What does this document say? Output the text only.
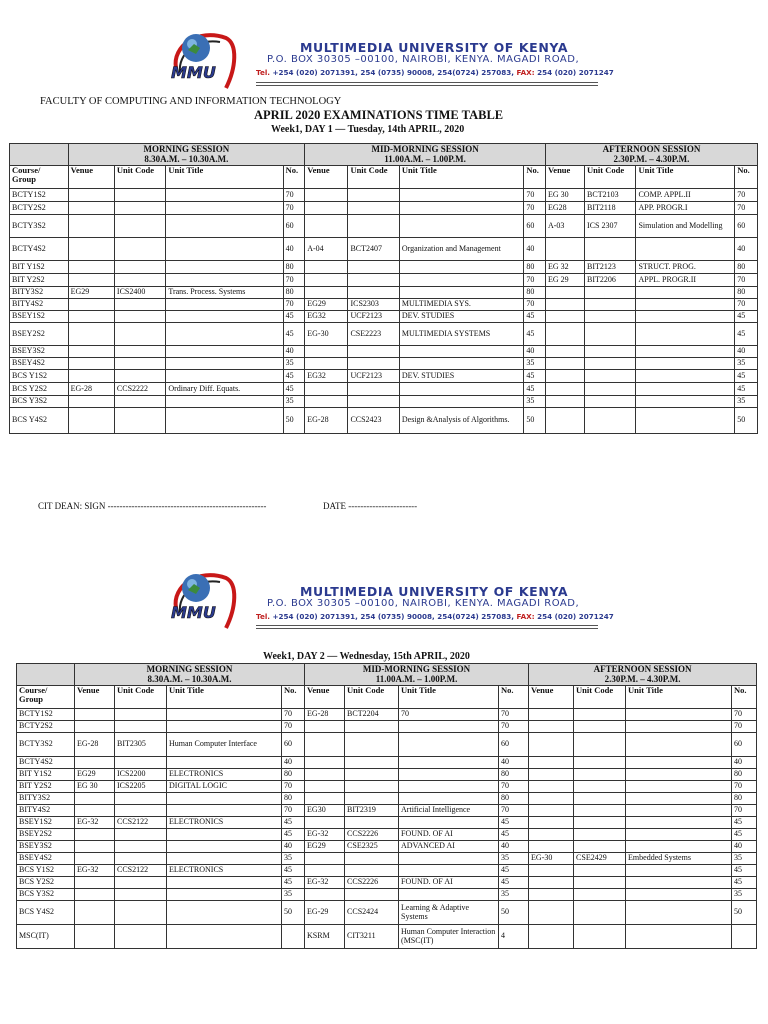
MMU
MULTIMEDIA UNIVERSITY OF KENYA
P.O. BOX 30305 –00100, NAIROBI, KENYA. MAGADI ROAD,
Tel. +254 (020) 2071391, 254 (0735) 90008, 254(0724) 257083, FAX: 254 (020) 2071247
FACULTY OF COMPUTING AND INFORMATION TECHNOLOGY
APRIL 2020 EXAMINATIONS TIME TABLE
Week1, DAY 1 — Tuesday, 14th APRIL, 2020
	MORNING SESSION
8.30A.M. – 10.30A.M.				MID-MORNING SESSION
11.00A.M. – 1.00P.M.				AFTERNOON SESSION
2.30P.M. – 4.30P.M.			
Course/ Group	Venue	Unit Code	Unit Title	No.	Venue	Unit Code	Unit Title	No.	Venue	Unit Code	Unit Title	No.
BCTY1S2				70				70	EG 30	BCT2103	COMP. APPL.II	70
BCTY2S2				70				70	EG28	BIT2118	APP. PROGR.I	70
BCTY3S2				60				60	A-03	ICS 2307	Simulation and Modelling	60
BCTY4S2				40	A-04	BCT2407	Organization and Management	40				40
BIT Y1S2				80				80	EG 32	BIT2123	STRUCT. PROG.	80
BIT Y2S2				70				70	EG 29	BIT2206	APPL. PROGR.II	70
BITY3S2	EG29	ICS2400	Trans. Process. Systems	80				80				80
BITY4S2				70	EG29	ICS2303	MULTIMEDIA SYS.	70				70
BSEY1S2				45	EG32	UCF2123	DEV. STUDIES	45				45
BSEY2S2				45	EG-30	CSE2223	MULTIMEDIA SYSTEMS	45				45
BSEY3S2				40				40				40
BSEY4S2				35				35				35
BCS Y1S2				45	EG32	UCF2123	DEV. STUDIES	45				45
BCS Y2S2	EG-28	CCS2222	Ordinary Diff. Equats.	45				45				45
BCS Y3S2				35				35				35
BCS Y4S2				50	EG-28	CCS2423	Design &Analysis of Algorithms.	50				50
CIT DEAN: SIGN -----------------------------------------------------	DATE -----------------------
MMU
MULTIMEDIA UNIVERSITY OF KENYA
P.O. BOX 30305 –00100, NAIROBI, KENYA. MAGADI ROAD,
Tel. +254 (020) 2071391, 254 (0735) 90008, 254(0724) 257083, FAX: 254 (020) 2071247
Week1, DAY 2 — Wednesday, 15th APRIL, 2020
	MORNING SESSION
8.30A.M. – 10.30A.M.				MID-MORNING SESSION
11.00A.M. – 1.00P.M.				AFTERNOON SESSION
2.30P.M. – 4.30P.M.			
Course/ Group	Venue	Unit Code	Unit Title	No.	Venue	Unit Code	Unit Title	No.	Venue	Unit Code	Unit Title	No.
BCTY1S2				70	EG-28	BCT2204	70	70				70
BCTY2S2				70				70				70
BCTY3S2	EG-28	BIT2305	Human Computer Interface	60				60				60
BCTY4S2				40				40				40
BIT Y1S2	EG29	ICS2200	ELECTRONICS	80				80				80
BIT Y2S2	EG 30	ICS2205	DIGITAL LOGIC	70				70				70
BITY3S2				80				80				80
BITY4S2				70	EG30	BIT2319	Artificial Intelligence	70				70
BSEY1S2	EG-32	CCS2122	ELECTRONICS	45				45				45
BSEY2S2				45	EG-32	CCS2226	FOUND. OF AI	45				45
BSEY3S2				40	EG29	CSE2325	ADVANCED AI	40				40
BSEY4S2				35				35	EG-30	CSE2429	Embedded Systems	35
BCS Y1S2	EG-32	CCS2122	ELECTRONICS	45				45				45
BCS Y2S2				45	EG-32	CCS2226	FOUND. OF AI	45				45
BCS Y3S2				35				35				35
BCS Y4S2				50	EG-29	CCS2424	Learning & Adaptive Systems	50				50
MSC(IT)					KSRM	CIT3211	Human Computer Interaction (MSC(IT)	4				
